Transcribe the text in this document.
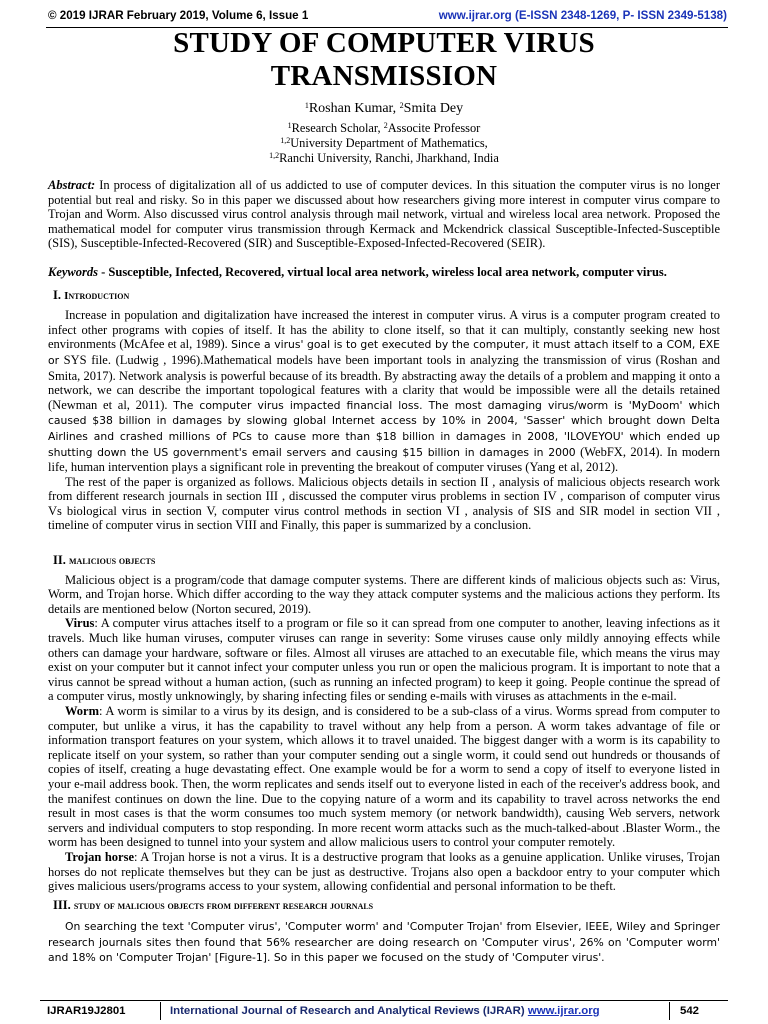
© 2019 IJRAR February 2019, Volume 6, Issue 1	www.ijrar.org (E-ISSN 2348-1269, P- ISSN 2349-5138)
STUDY OF COMPUTER VIRUS
TRANSMISSION
$^1$Roshan Kumar, $^2$Smita Dey
$^1$Research Scholar, $^2$Associte Professor
$^{1,2}$University Department of Mathematics,
$^{1,2}$Ranchi University, Ranchi, Jharkhand, India

Abstract: In process of digitalization all of us addicted to use of computer devices. In this situation the computer virus is no longer potential but real and risky. So in this paper we discussed about how researchers giving more interest in computer virus compare to Trojan and Worm. Also discussed virus control analysis through mail network, virtual and wireless local area network. Proposed the mathematical model for computer virus transmission through Kermack and Mckendrick classical Susceptible-Infected-Susceptible (SIS), Susceptible-Infected-Recovered (SIR) and Susceptible-Exposed-Infected-Recovered (SEIR).

Keywords - Susceptible, Infected, Recovered, virtual local area network, wireless local area network, computer virus.

I. Introduction

Increase in population and digitalization have increased the interest in computer virus. A virus is a computer program created to infect other programs with copies of itself. It has the ability to clone itself, so that it can multiply, constantly seeking new host environments (McAfee et al, 1989). Since a virus' goal is to get executed by the computer, it must attach itself to a COM, EXE or SYS file. (Ludwig , 1996).Mathematical models have been important tools in analyzing the transmission of virus (Roshan and Smita, 2017). Network analysis is powerful because of its breadth. By abstracting away the details of a problem and mapping it onto a network, we can describe the important topological features with a clarity that would be impossible were all the details retained (Newman et al, 2011). The computer virus impacted financial loss. The most damaging virus/worm is 'MyDoom' which caused $38 billion in damages by slowing global Internet access by 10% in 2004, 'Sasser' which brought down Delta Airlines and crashed millions of PCs to cause more than $18 billion in damages in 2008, 'ILOVEYOU' which ended up shutting down the US government's email servers and causing $15 billion in damages in 2000 (WebFX, 2014). In modern life, human intervention plays a significant role in preventing the breakout of computer viruses (Yang et al, 2012).

The rest of the paper is organized as follows. Malicious objects details in section II , analysis of malicious objects research work from different research journals in section III , discussed the computer virus problems in section IV , comparison of computer virus Vs biological virus in section V, computer virus control methods in section VI , analysis of SIS and SIR model in section VII , timeline of computer virus in section VIII and Finally, this paper is summarized by a conclusion.

II. malicious objects

Malicious object is a program/code that damage computer systems. There are different kinds of malicious objects such as: Virus, Worm, and Trojan horse. Which differ according to the way they attack computer systems and the malicious actions they perform. Its details are mentioned below (Norton secured, 2019).

Virus: A computer virus attaches itself to a program or file so it can spread from one computer to another, leaving infections as it travels. Much like human viruses, computer viruses can range in severity: Some viruses cause only mildly annoying effects while others can damage your hardware, software or files. Almost all viruses are attached to an executable file, which means the virus may exist on your computer but it cannot infect your computer unless you run or open the malicious program. It is important to note that a virus cannot be spread without a human action, (such as running an infected program) to keep it going. People continue the spread of a computer virus, mostly unknowingly, by sharing infecting files or sending e-mails with viruses as attachments in the e-mail.

Worm: A worm is similar to a virus by its design, and is considered to be a sub-class of a virus. Worms spread from computer to computer, but unlike a virus, it has the capability to travel without any help from a person. A worm takes advantage of file or information transport features on your system, which allows it to travel unaided. The biggest danger with a worm is its capability to replicate itself on your system, so rather than your computer sending out a single worm, it could send out hundreds or thousands of copies of itself, creating a huge devastating effect. One example would be for a worm to send a copy of itself to everyone listed in your e-mail address book. Then, the worm replicates and sends itself out to everyone listed in each of the receiver's address book, and the manifest continues on down the line. Due to the copying nature of a worm and its capability to travel across networks the end result in most cases is that the worm consumes too much system memory (or network bandwidth), causing Web servers, network servers and individual computers to stop responding. In more recent worm attacks such as the much-talked-about .Blaster Worm., the worm has been designed to tunnel into your system and allow malicious users to control your computer remotely.

Trojan horse: A Trojan horse is not a virus. It is a destructive program that looks as a genuine application. Unlike viruses, Trojan horses do not replicate themselves but they can be just as destructive. Trojans also open a backdoor entry to your computer which gives malicious users/programs access to your system, allowing confidential and personal information to be theft.

III. study of malicious objects from different research journals

On searching the text 'Computer virus', 'Computer worm' and 'Computer Trojan' from Elsevier, IEEE, Wiley and Springer research journals sites then found that 56% researcher are doing research on 'Computer virus', 26% on 'Computer worm' and 18% on 'Computer Trojan' [Figure-1]. So in this paper we focused on the study of 'Computer virus'.

IJRAR19J2801	International Journal of Research and Analytical Reviews (IJRAR) www.ijrar.org	542
